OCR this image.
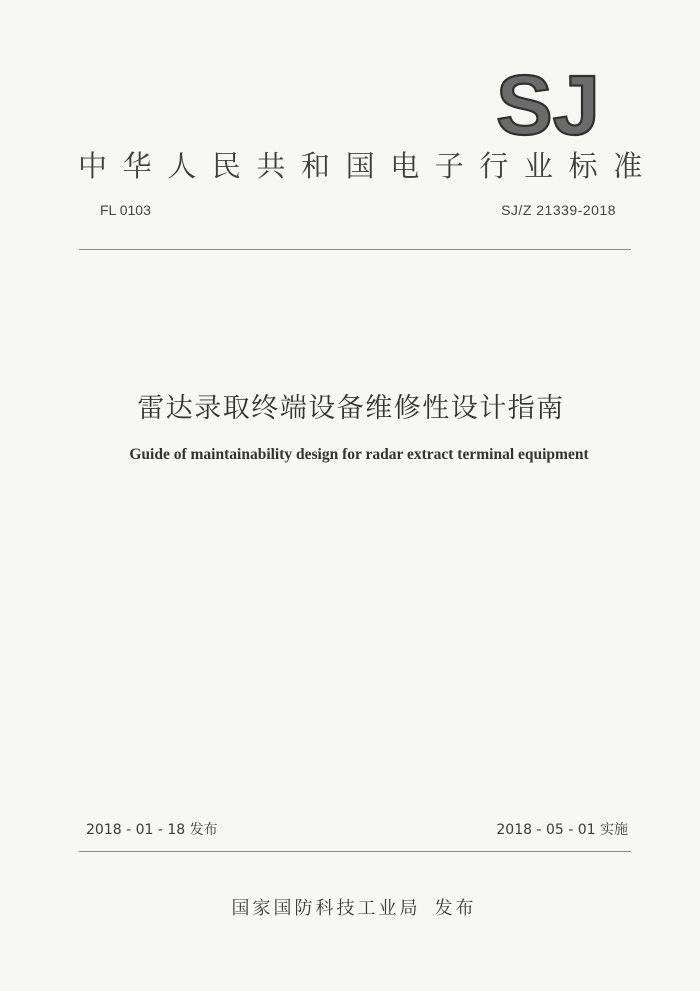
SJ
中华人民共和国电子行业标准
FL 0103	SJ/Z 21339-2018
雷达录取终端设备维修性设计指南
Guide of maintainability design for radar extract terminal equipment
2018 - 01 - 18 发布	2018 - 05 - 01 实施
国家国防科技工业局 发布
